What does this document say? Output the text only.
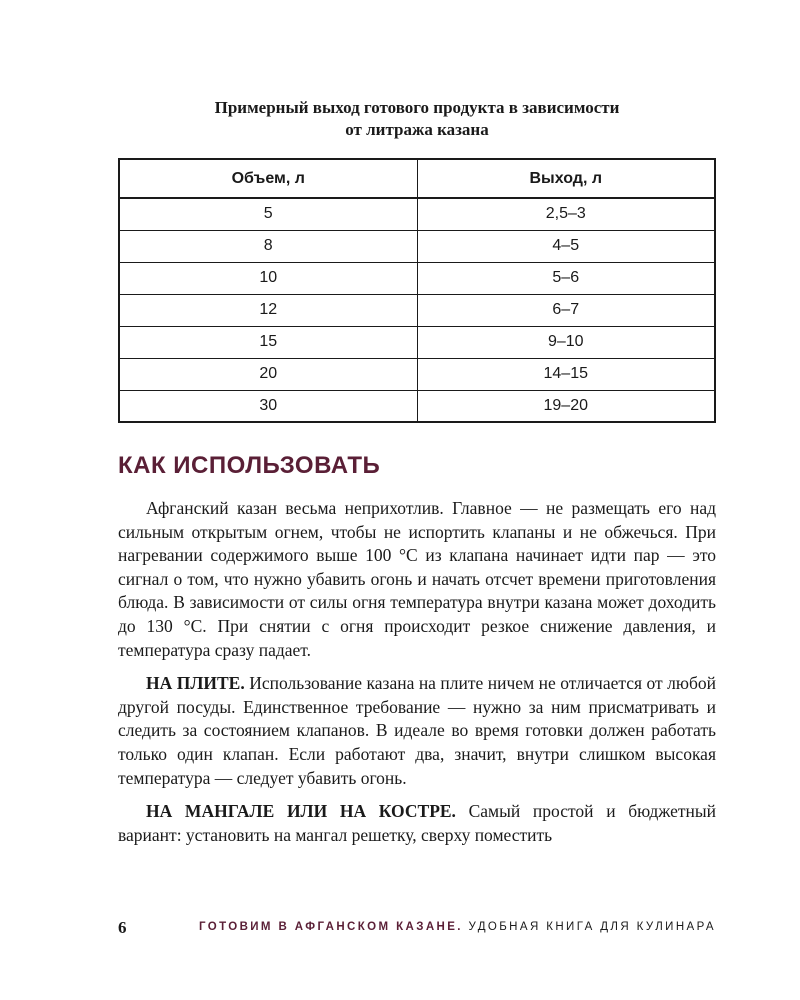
Примерный выход готового продукта в зависимости
от литража казана
Объем, л	Выход, л
5	2,5–3
8	4–5
10	5–6
12	6–7
15	9–10
20	14–15
30	19–20
КАК ИСПОЛЬЗОВАТЬ

Афганский казан весьма неприхотлив. Главное — не размещать его над сильным открытым огнем, чтобы не испортить клапаны и не обжечься. При нагревании содержимого выше 100 °С из клапана начинает идти пар — это сигнал о том, что нужно убавить огонь и начать отсчет времени приготовления блюда. В зависимости от силы огня температура внутри казана может доходить до 130 °С. При снятии с огня происходит резкое снижение давления, и температура сразу падает.

НА ПЛИТЕ. Использование казана на плите ничем не отличается от любой другой посуды. Единственное требование — нужно за ним присматривать и следить за состоянием клапанов. В идеале во время готовки должен работать только один клапан. Если работают два, значит, внутри слишком высокая температура — следует убавить огонь.

НА МАНГАЛЕ ИЛИ НА КОСТРЕ. Самый простой и бюджетный вариант: установить на мангал решетку, сверху поместить

6	ГОТОВИМ В АФГАНСКОМ КАЗАНЕ. УДОБНАЯ КНИГА ДЛЯ КУЛИНАРА
